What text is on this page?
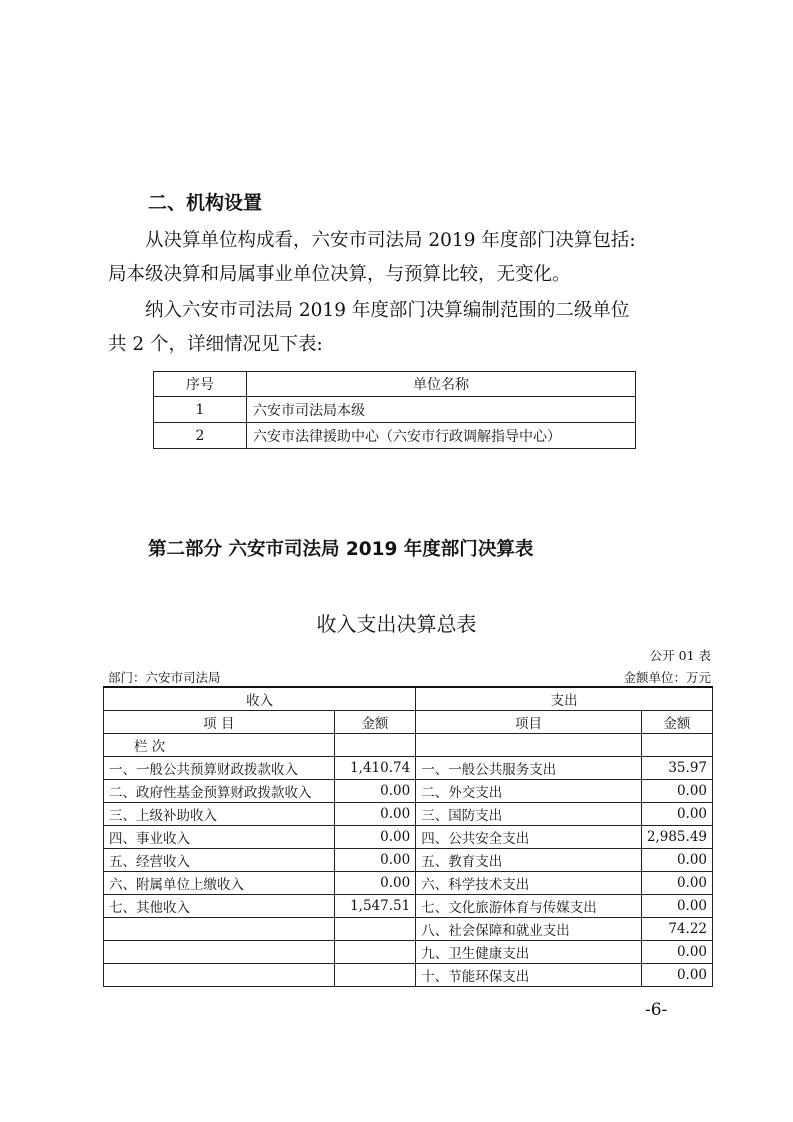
二、机构设置

从决算单位构成看，六安市司法局 2019 年度部门决算包括:

局本级决算和局属事业单位决算，与预算比较，无变化。

纳入六安市司法局 2019 年度部门决算编制范围的二级单位

共 2 个，详细情况见下表:

序号	单位名称
1	六安市司法局本级
2	六安市法律援助中心（六安市行政调解指导中心）
第二部分 六安市司法局 2019 年度部门决算表
收入支出决算总表
公开 01 表
部门：六安市司法局	金额单位：万元
收入		支出	
项 目	金额	项目	金额
栏 次			
一、一般公共预算财政拨款收入	1,410.74	一、一般公共服务支出	35.97
二、政府性基金预算财政拨款收入	0.00	二、外交支出	0.00
三、上级补助收入	0.00	三、国防支出	0.00
四、事业收入	0.00	四、公共安全支出	2,985.49
五、经营收入	0.00	五、教育支出	0.00
六、附属单位上缴收入	0.00	六、科学技术支出	0.00
七、其他收入	1,547.51	七、文化旅游体育与传媒支出	0.00
		八、社会保障和就业支出	74.22
		九、卫生健康支出	0.00
		十、节能环保支出	0.00
-6-
